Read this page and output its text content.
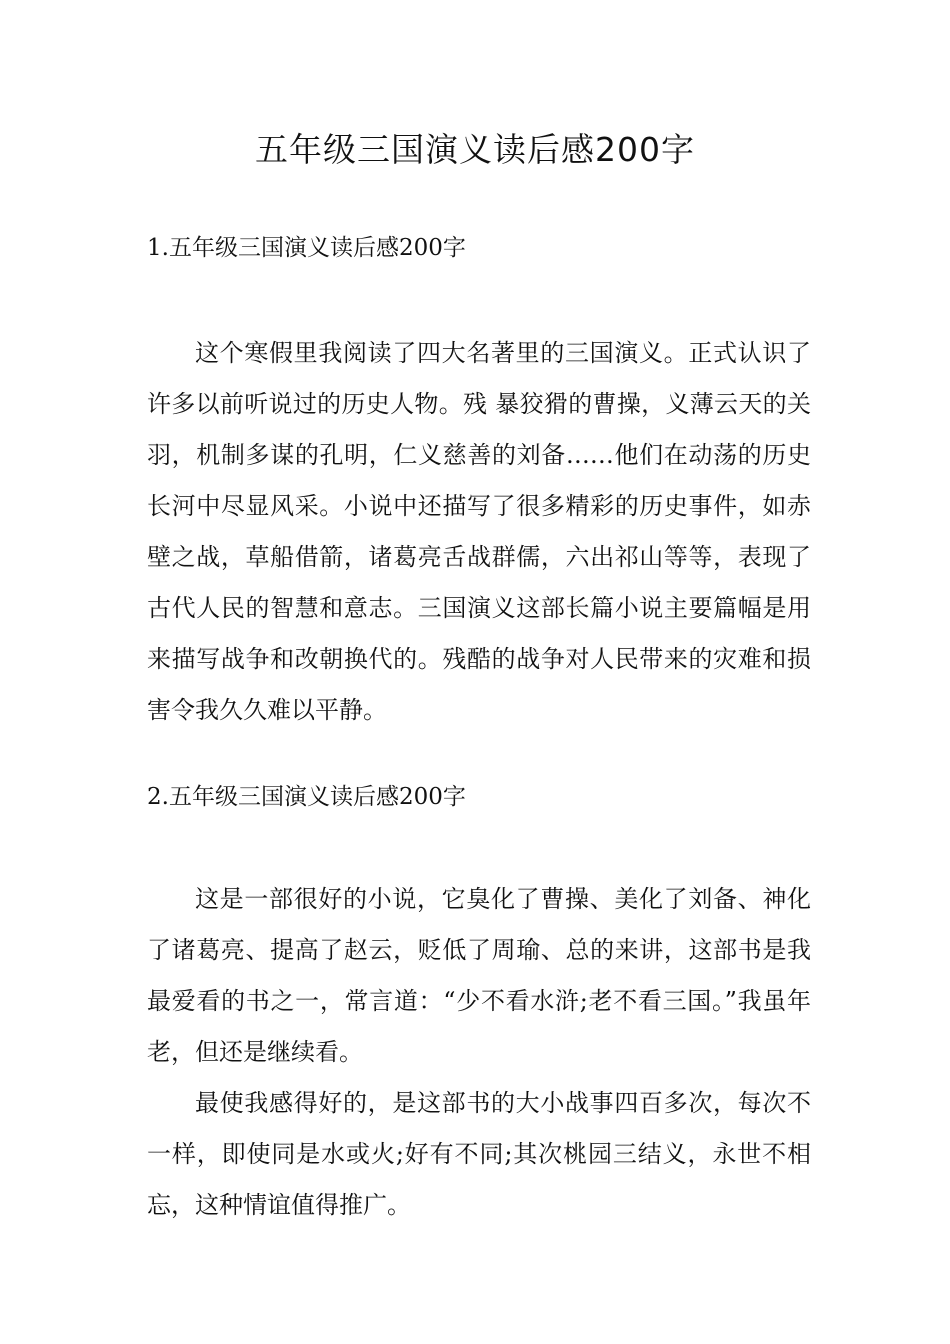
五年级三国演义读后感200字
1.五年级三国演义读后感200字

这个寒假里我阅读了四大名著里的三国演义。正式认识了许多以前听说过的历史人物。残 暴狡猾的曹操，义薄云天的关羽，机制多谋的孔明，仁义慈善的刘备……他们在动荡的历史长河中尽显风采。小说中还描写了很多精彩的历史事件，如赤壁之战，草船借箭，诸葛亮舌战群儒，六出祁山等等，表现了古代人民的智慧和意志。三国演义这部长篇小说主要篇幅是用来描写战争和改朝换代的。残酷的战争对人民带来的灾难和损害令我久久难以平静。

2.五年级三国演义读后感200字

这是一部很好的小说，它臭化了曹操、美化了刘备、神化了诸葛亮、提高了赵云，贬低了周瑜、总的来讲，这部书是我最爱看的书之一，常言道：“少不看水浒;老不看三国。”我虽年老，但还是继续看。

最使我感得好的，是这部书的大小战事四百多次，每次不一样，即使同是水或火;好有不同;其次桃园三结义，永世不相忘，这种情谊值得推广。
